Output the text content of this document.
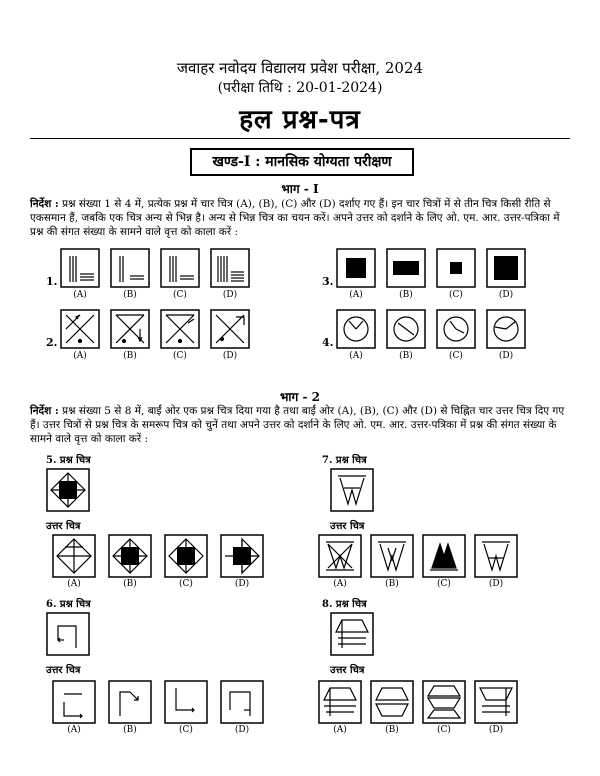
जवाहर नवोदय विद्यालय प्रवेश परीक्षा, 2024
(परीक्षा तिथि : 20-01-2024)
हल प्रश्न-पत्र
खण्ड-I : मानसिक योग्यता परीक्षण
भाग - I
निर्देश : प्रश्न संख्या 1 से 4 में, प्रत्येक प्रश्न में चार चित्र (A), (B), (C) और (D) दर्शाए गए हैं। इन चार चित्रों में से तीन चित्र किसी रीति से एकसमान हैं, जबकि एक चित्र अन्य से भिन्न है। अन्य से भिन्न चित्र का चयन करें। अपने उत्तर को दर्शाने के लिए ओ. एम. आर. उत्तर-पत्रिका में प्रश्न की संगत संख्या के सामने वाले वृत्त को काला करें :
1.
(A)	(B)	(C)	(D)
2.
(A)	(B)	(C)	(D)
3.
(A)	(B)	(C)	(D)
4.
(A)	(B)	(C)	(D)
भाग - 2
निर्देश : प्रश्न संख्या 5 से 8 में, बाईं ओर एक प्रश्न चित्र दिया गया है तथा बाईं ओर (A), (B), (C) और (D) से चिह्नित चार उत्तर चित्र दिए गए हैं। उत्तर चित्रों से प्रश्न चित्र के समरूप चित्र को चुनें तथा अपने उत्तर को दर्शाने के लिए ओ. एम. आर. उत्तर-पत्रिका में प्रश्न की संगत संख्या के सामने वाले वृत्त को काला करें :
5. प्रश्न चित्र
उत्तर चित्र
(A)	(B)	(C)	(D)
6. प्रश्न चित्र
उत्तर चित्र
(A)	(B)	(C)	(D)
7. प्रश्न चित्र
उत्तर चित्र
(A)	(B)	(C)	(D)
8. प्रश्न चित्र
उत्तर चित्र
(A)	(B)	(C)	(D)
